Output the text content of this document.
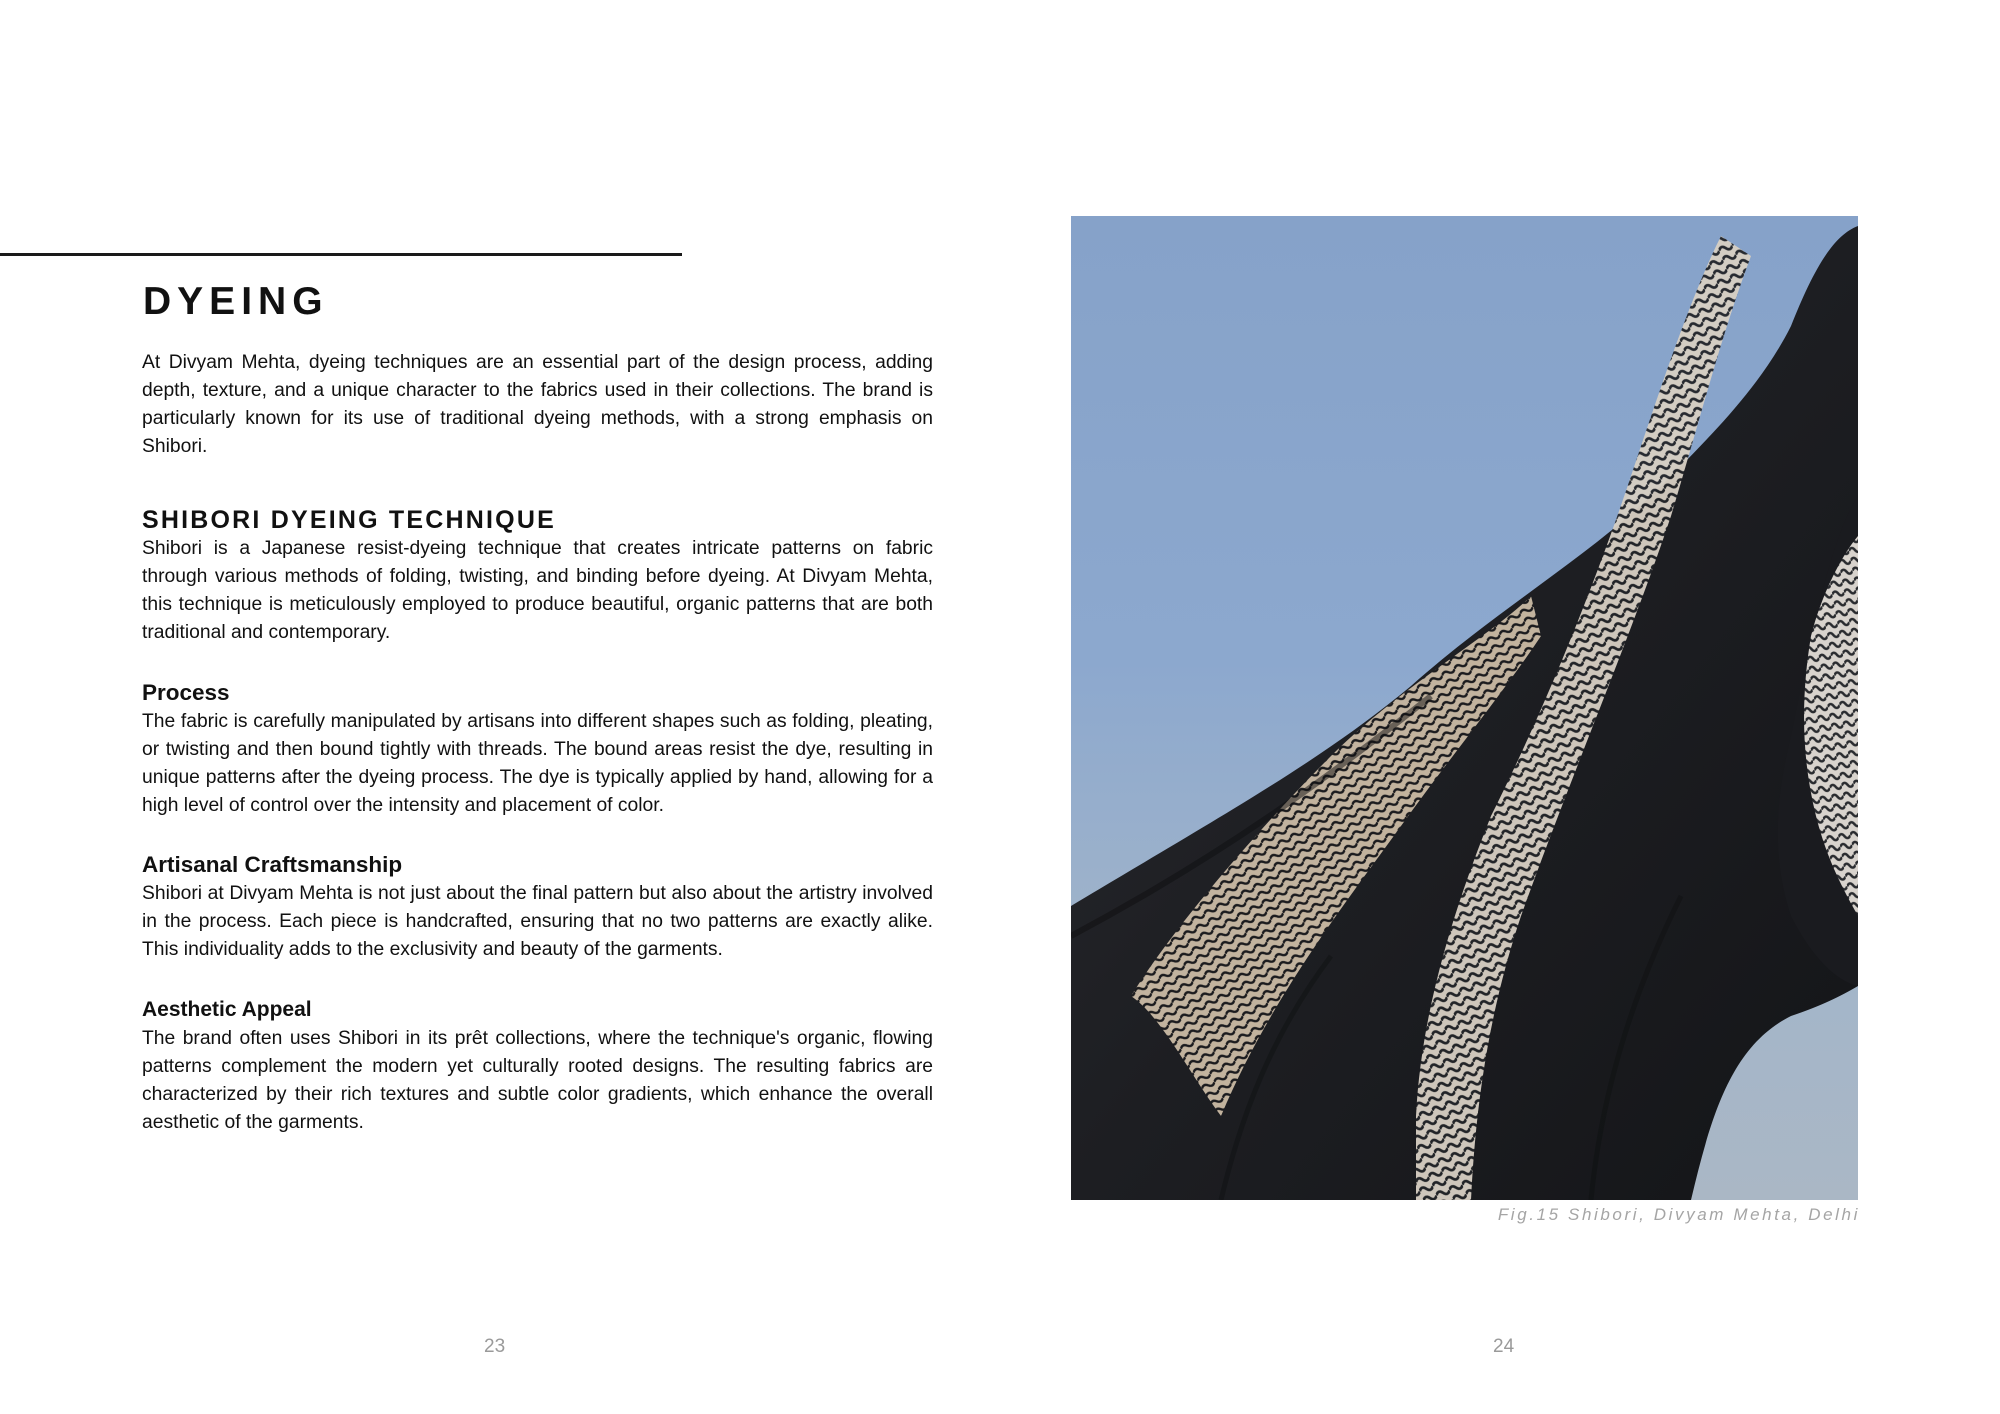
DYEING

At Divyam Mehta, dyeing techniques are an essential part of the design process, adding depth, texture, and a unique character to the fabrics used in their collections. The brand is particularly known for its use of traditional dyeing methods, with a strong emphasis on Shibori.

SHIBORI DYEING TECHNIQUE

Shibori is a Japanese resist-dyeing technique that creates intricate patterns on fabric through various methods of folding, twisting, and binding before dyeing. At Divyam Mehta, this technique is meticulously employed to produce beautiful, organic patterns that are both traditional and contemporary.

Process

The fabric is carefully manipulated by artisans into different shapes such as folding, pleating, or twisting and then bound tightly with threads. The bound areas resist the dye, resulting in unique patterns after the dyeing process. The dye is typically applied by hand, allowing for a high level of control over the intensity and placement of color.

Artisanal Craftsmanship

Shibori at Divyam Mehta is not just about the final pattern but also about the artistry involved in the process. Each piece is handcrafted, ensuring that no two patterns are exactly alike. This individuality adds to the exclusivity and beauty of the garments.

Aesthetic Appeal

The brand often uses Shibori in its prêt collections, where the technique's organic, flowing patterns complement the modern yet culturally rooted designs. The resulting fabrics are characterized by their rich textures and subtle color gradients, which enhance the overall aesthetic of the garments.

23
Fig.15 Shibori, Divyam Mehta, Delhi
24
